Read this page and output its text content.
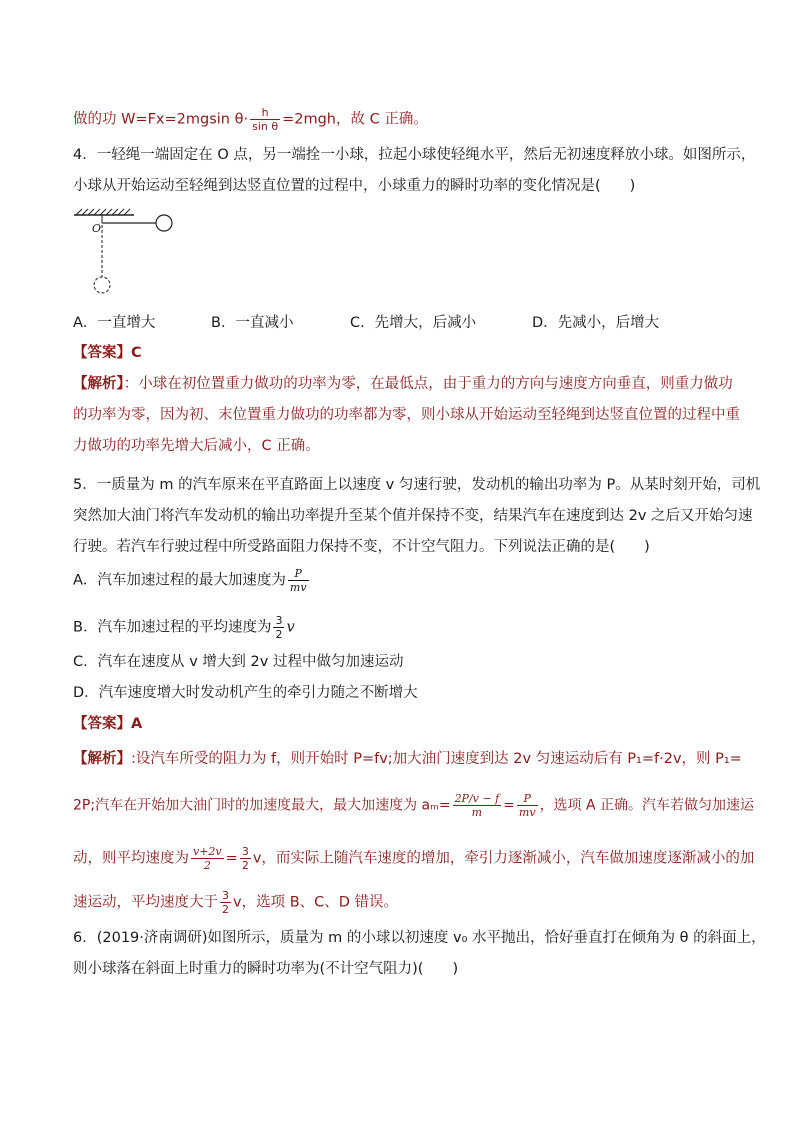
做的功 W=Fx=2mgsin $\theta\cdot \frac{h}{\text{sin θ}} =2mgh$，故 C 正确。
4．一轻绳一端固定在 O 点，另一端拴一小球，拉起小球使轻绳水平，然后无初速度释放小球。如图所示，
小球从开始运动至轻绳到达竖直位置的过程中，小球重力的瞬时功率的变化情况是(　　)
O
A．一直增大	B．一直减小	C．先增大，后减小	D．先减小，后增大
【答案】C
【解析】：小球在初位置重力做功的功率为零，在最低点，由于重力的方向与速度方向垂直，则重力做功
的功率为零，因为初、末位置重力做功的功率都为零，则小球从开始运动至轻绳到达竖直位置的过程中重
力做功的功率先增大后减小，C 正确。
5．一质量为 m 的汽车原来在平直路面上以速度 v 匀速行驶，发动机的输出功率为 P。从某时刻开始，司机
突然加大油门将汽车发动机的输出功率提升至某个值并保持不变，结果汽车在速度到达 2v 之后又开始匀速
行驶。若汽车行驶过程中所受路面阻力保持不变，不计空气阻力。下列说法正确的是(　　)
A．汽车加速过程的最大加速度为 $\frac{P}{mv}$
B．汽车加速过程的平均速度为 $\frac{3}{2}$ v
C．汽车在速度从 v 增大到 2v 过程中做匀加速运动
D．汽车速度增大时发动机产生的牵引力随之不断增大
【答案】A
【解析】:设汽车所受的阻力为 f，则开始时 P=fv;加大油门速度到达 2v 匀速运动后有 P₁=f·2v，则 P₁=
2P;汽车在开始加大油门时的加速度最大，最大加速度为 $a_m= \frac{2P/v - f}{m} = \frac{P}{mv}$ ，选项 A 正确。汽车若做匀加速运
动，则平均速度为 $\frac{v+2v}{2} = \frac{3}{2}$ v，而实际上随汽车速度的增加，牵引力逐渐减小，汽车做加速度逐渐减小的加
速运动，平均速度大于 $\frac{3}{2}$ v，选项 B、C、D 错误。
6．(2019·济南调研)如图所示，质量为 m 的小球以初速度 v₀ 水平抛出，恰好垂直打在倾角为 θ 的斜面上，
则小球落在斜面上时重力的瞬时功率为(不计空气阻力)(　　)
